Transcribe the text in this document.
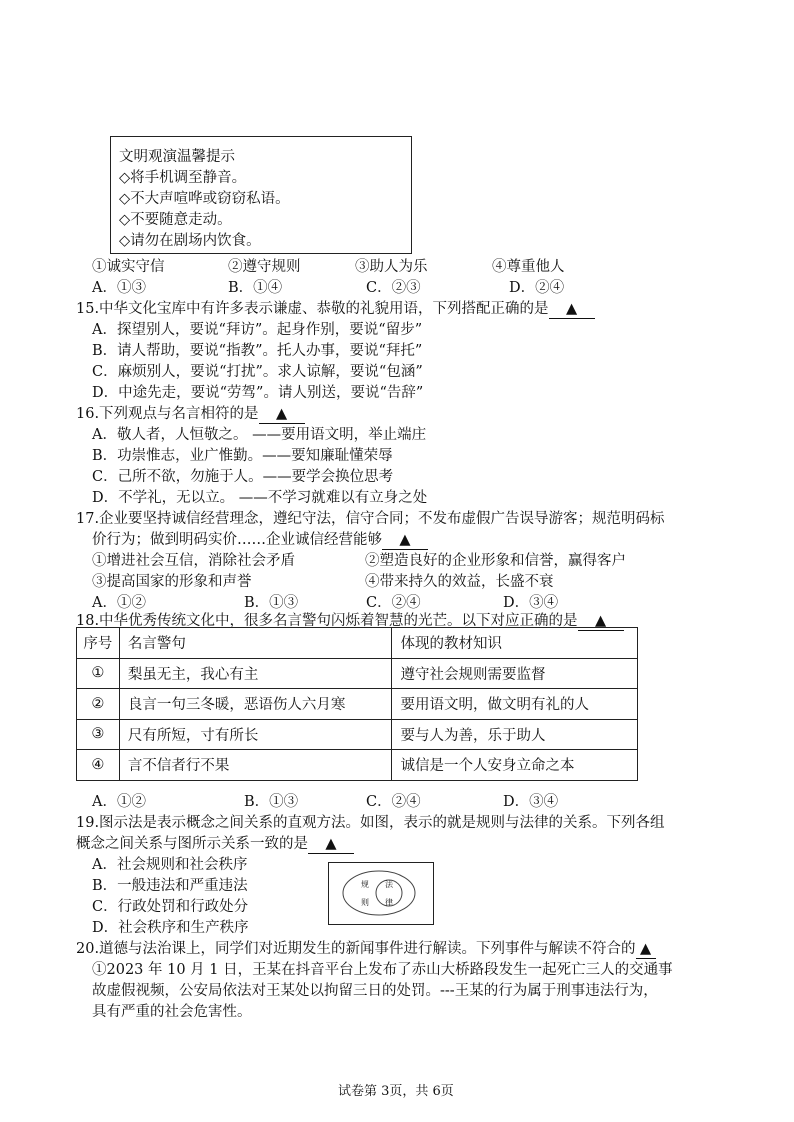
文明观演温馨提示
◇将手机调至静音。
◇不大声喧哗或窃窃私语。
◇不要随意走动。
◇请勿在剧场内饮食。
①诚实守信	②遵守规则	③助人为乐	④尊重他人
A．①③	B．①④	C．②③	D．②④
15.中华文化宝库中有许多表示谦虚、恭敬的礼貌用语，下列搭配正确的是 ▲
A．探望别人，要说“拜访”。起身作别，要说“留步”
B．请人帮助，要说“指教”。托人办事，要说“拜托”
C．麻烦别人，要说“打扰”。求人谅解，要说“包涵”
D．中途先走，要说“劳驾”。请人别送，要说“告辞”
16.下列观点与名言相符的是 ▲
A．敬人者，人恒敬之。 ——要用语文明，举止端庄
B．功崇惟志，业广惟勤。——要知廉耻懂荣辱
C．己所不欲，勿施于人。——要学会换位思考
D．不学礼，无以立。 ——不学习就难以有立身之处
17.企业要坚持诚信经营理念，遵纪守法，信守合同；不发布虚假广告误导游客；规范明码标
价行为；做到明码实价……企业诚信经营能够 ▲
①增进社会互信，消除社会矛盾	②塑造良好的企业形象和信誉，赢得客户
③提高国家的形象和声誉	④带来持久的效益，长盛不衰
A．①②	B．①③	C．②④	D．③④
18.中华优秀传统文化中，很多名言警句闪烁着智慧的光芒。以下对应正确的是 ▲
序号	名言警句	体现的教材知识
①	梨虽无主，我心有主	遵守社会规则需要监督
②	良言一句三冬暖，恶语伤人六月寒	要用语文明，做文明有礼的人
③	尺有所短，寸有所长	要与人为善，乐于助人
④	言不信者行不果	诚信是一个人安身立命之本
A．①②	B．①③	C．②④	D．③④
19.图示法是表示概念之间关系的直观方法。如图，表示的就是规则与法律的关系。下列各组
概念之间关系与图所示关系一致的是 ▲
A．社会规则和社会秩序
B．一般违法和严重违法
C．行政处罚和行政处分
D．社会秩序和生产秩序
规
则
法
律
20.道德与法治课上，同学们对近期发生的新闻事件进行解读。下列事件与解读不符合的 ▲
①2023 年 10 月 1 日，王某在抖音平台上发布了赤山大桥路段发生一起死亡三人的交通事
故虚假视频，公安局依法对王某处以拘留三日的处罚。---王某的行为属于刑事违法行为，
具有严重的社会危害性。
试卷第 3页，共 6页
